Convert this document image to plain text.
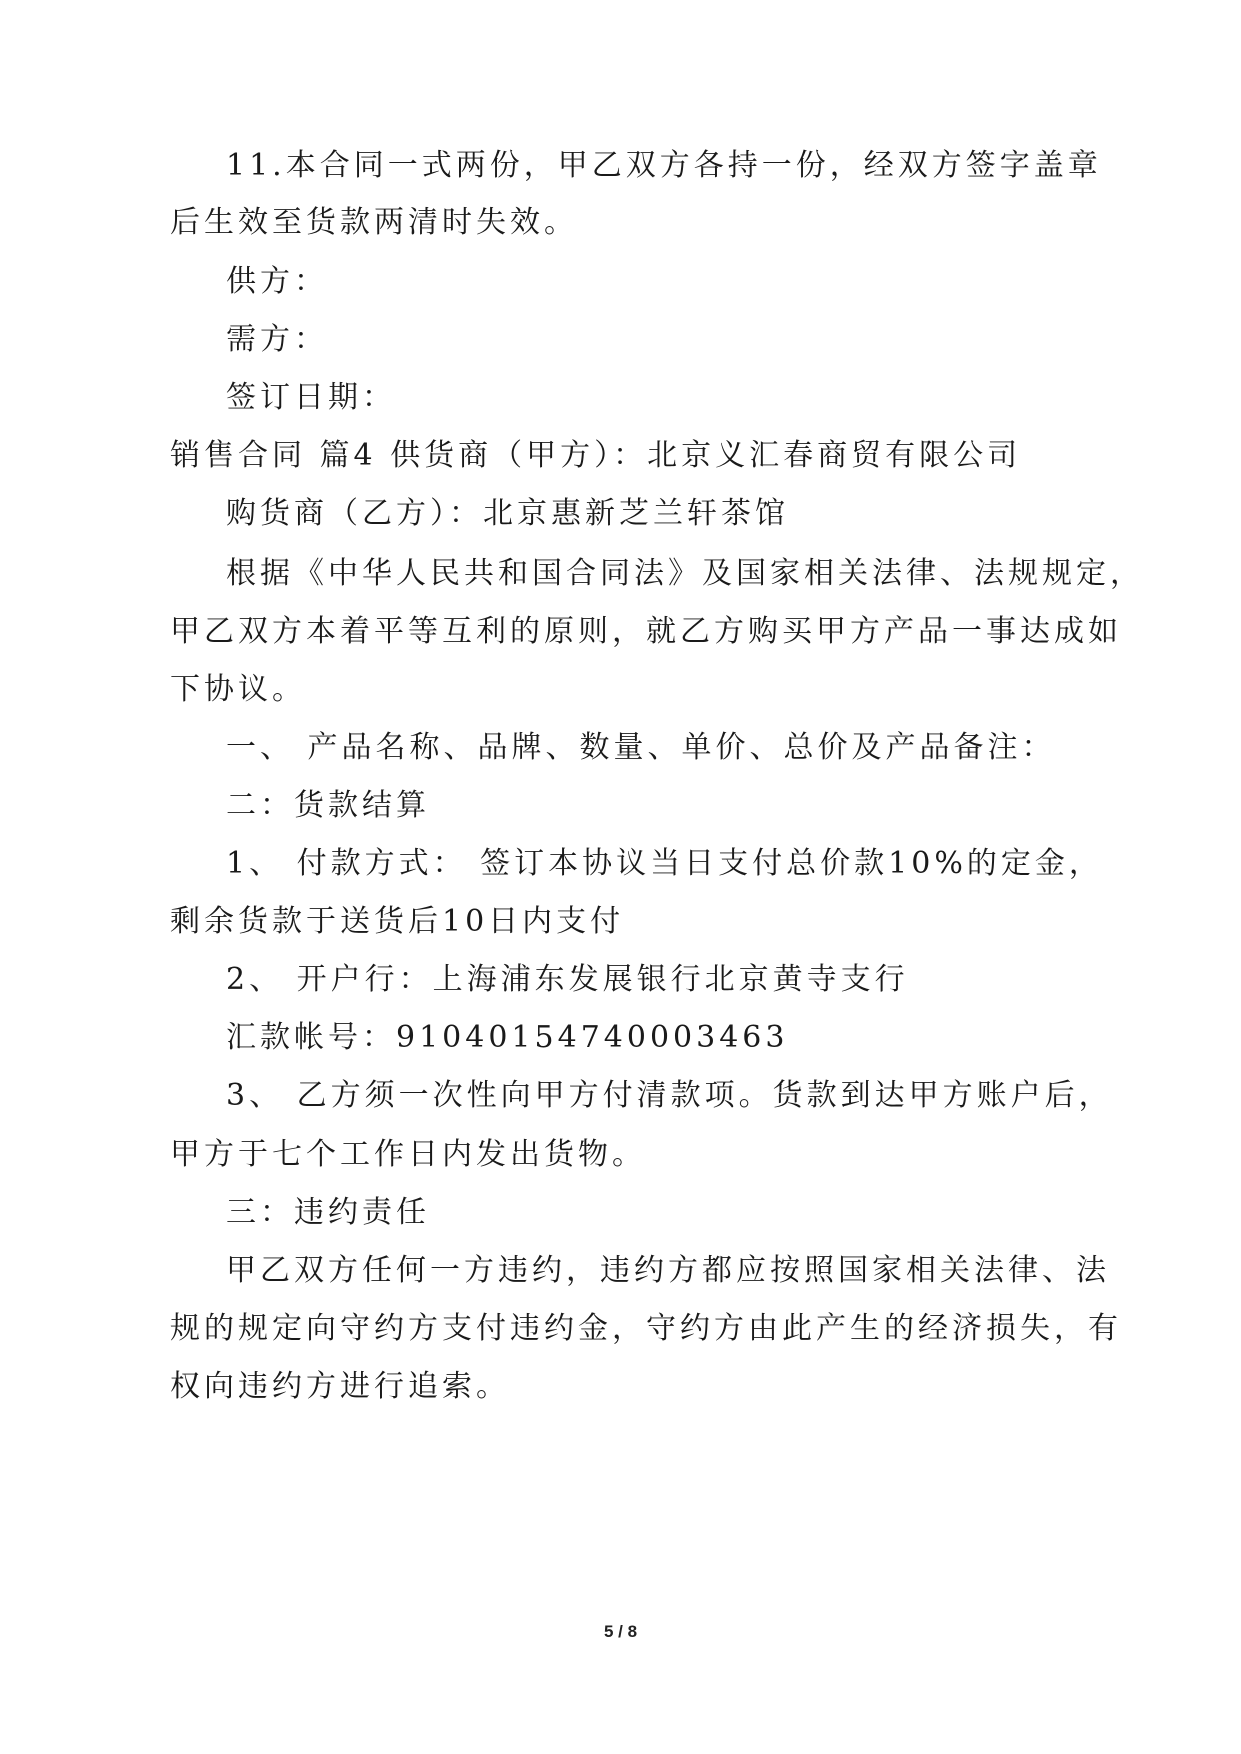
11.本合同一式两份，甲乙双方各持一份，经双方签字盖章
后生效至货款两清时失效。
供方：
需方：
签订日期：
销售合同 篇4 供货商（甲方）：北京义汇春商贸有限公司
购货商（乙方）：北京惠新芝兰轩茶馆
根据《中华人民共和国合同法》及国家相关法律、法规规定，
甲乙双方本着平等互利的原则，就乙方购买甲方产品一事达成如
下协议。
一、 产品名称、品牌、数量、单价、总价及产品备注：
二：货款结算
1、 付款方式： 签订本协议当日支付总价款10%的定金，
剩余货款于送货后10日内支付
2、 开户行：上海浦东发展银行北京黄寺支行
汇款帐号：91040154740003463
3、 乙方须一次性向甲方付清款项。货款到达甲方账户后，
甲方于七个工作日内发出货物。
三：违约责任
甲乙双方任何一方违约，违约方都应按照国家相关法律、法
规的规定向守约方支付违约金，守约方由此产生的经济损失，有
权向违约方进行追索。
5 / 8
